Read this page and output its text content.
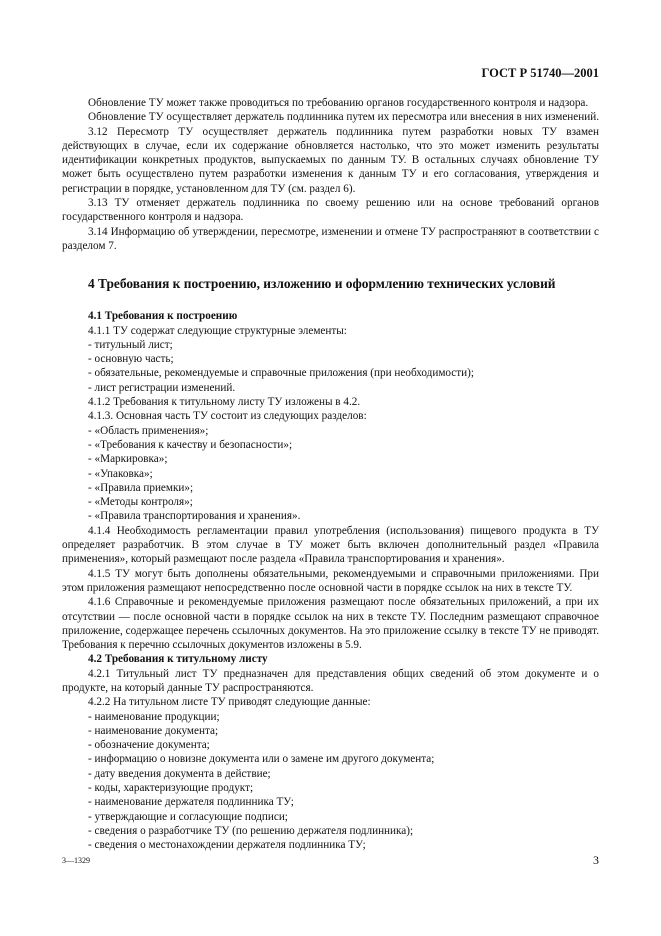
ГОСТ Р 51740—2001

Обновление ТУ может также проводиться по требованию органов государственного контроля и надзора.

Обновление ТУ осуществляет держатель подлинника путем их пересмотра или внесения в них изменений.

3.12 Пересмотр ТУ осуществляет держатель подлинника путем разработки новых ТУ взамен действующих в случае, если их содержание обновляется настолько, что это может изменить результаты идентификации конкретных продуктов, выпускаемых по данным ТУ. В остальных случаях обновление ТУ может быть осуществлено путем разработки изменения к данным ТУ и его согласования, утверждения и регистрации в порядке, установленном для ТУ (см. раздел 6).

3.13 ТУ отменяет держатель подлинника по своему решению или на основе требований органов государственного контроля и надзора.

3.14 Информацию об утверждении, пересмотре, изменении и отмене ТУ распространяют в соответствии с разделом 7.

4 Требования к построению, изложению и оформлению технических условий
4.1 Требования к построению

4.1.1 ТУ содержат следующие структурные элементы:

- титульный лист;
- основную часть;
- обязательные, рекомендуемые и справочные приложения (при необходимости);
- лист регистрации изменений.

4.1.2 Требования к титульному листу ТУ изложены в 4.2.

4.1.3. Основная часть ТУ состоит из следующих разделов:

- «Область применения»;
- «Требования к качеству и безопасности»;
- «Маркировка»;
- «Упаковка»;
- «Правила приемки»;
- «Методы контроля»;
- «Правила транспортирования и хранения».

4.1.4 Необходимость регламентации правил употребления (использования) пищевого продукта в ТУ определяет разработчик. В этом случае в ТУ может быть включен дополнительный раздел «Правила применения», который размещают после раздела «Правила транспортирования и хранения».

4.1.5 ТУ могут быть дополнены обязательными, рекомендуемыми и справочными приложениями. При этом приложения размещают непосредственно после основной части в порядке ссылок на них в тексте ТУ.

4.1.6 Справочные и рекомендуемые приложения размещают после обязательных приложений, а при их отсутствии — после основной части в порядке ссылок на них в тексте ТУ. Последним размещают справочное приложение, содержащее перечень ссылочных документов. На это приложение ссылку в тексте ТУ не приводят. Требования к перечню ссылочных документов изложены в 5.9.

4.2 Требования к титульному листу

4.2.1 Титульный лист ТУ предназначен для представления общих сведений об этом документе и о продукте, на который данные ТУ распространяются.

4.2.2 На титульном листе ТУ приводят следующие данные:

- наименование продукции;
- наименование документа;
- обозначение документа;
- информацию о новизне документа или о замене им другого документа;
- дату введения документа в действие;
- коды, характеризующие продукт;
- наименование держателя подлинника ТУ;
- утверждающие и согласующие подписи;
- сведения о разработчике ТУ (по решению держателя подлинника);
- сведения о местонахождении держателя подлинника ТУ;
3—1329	3
